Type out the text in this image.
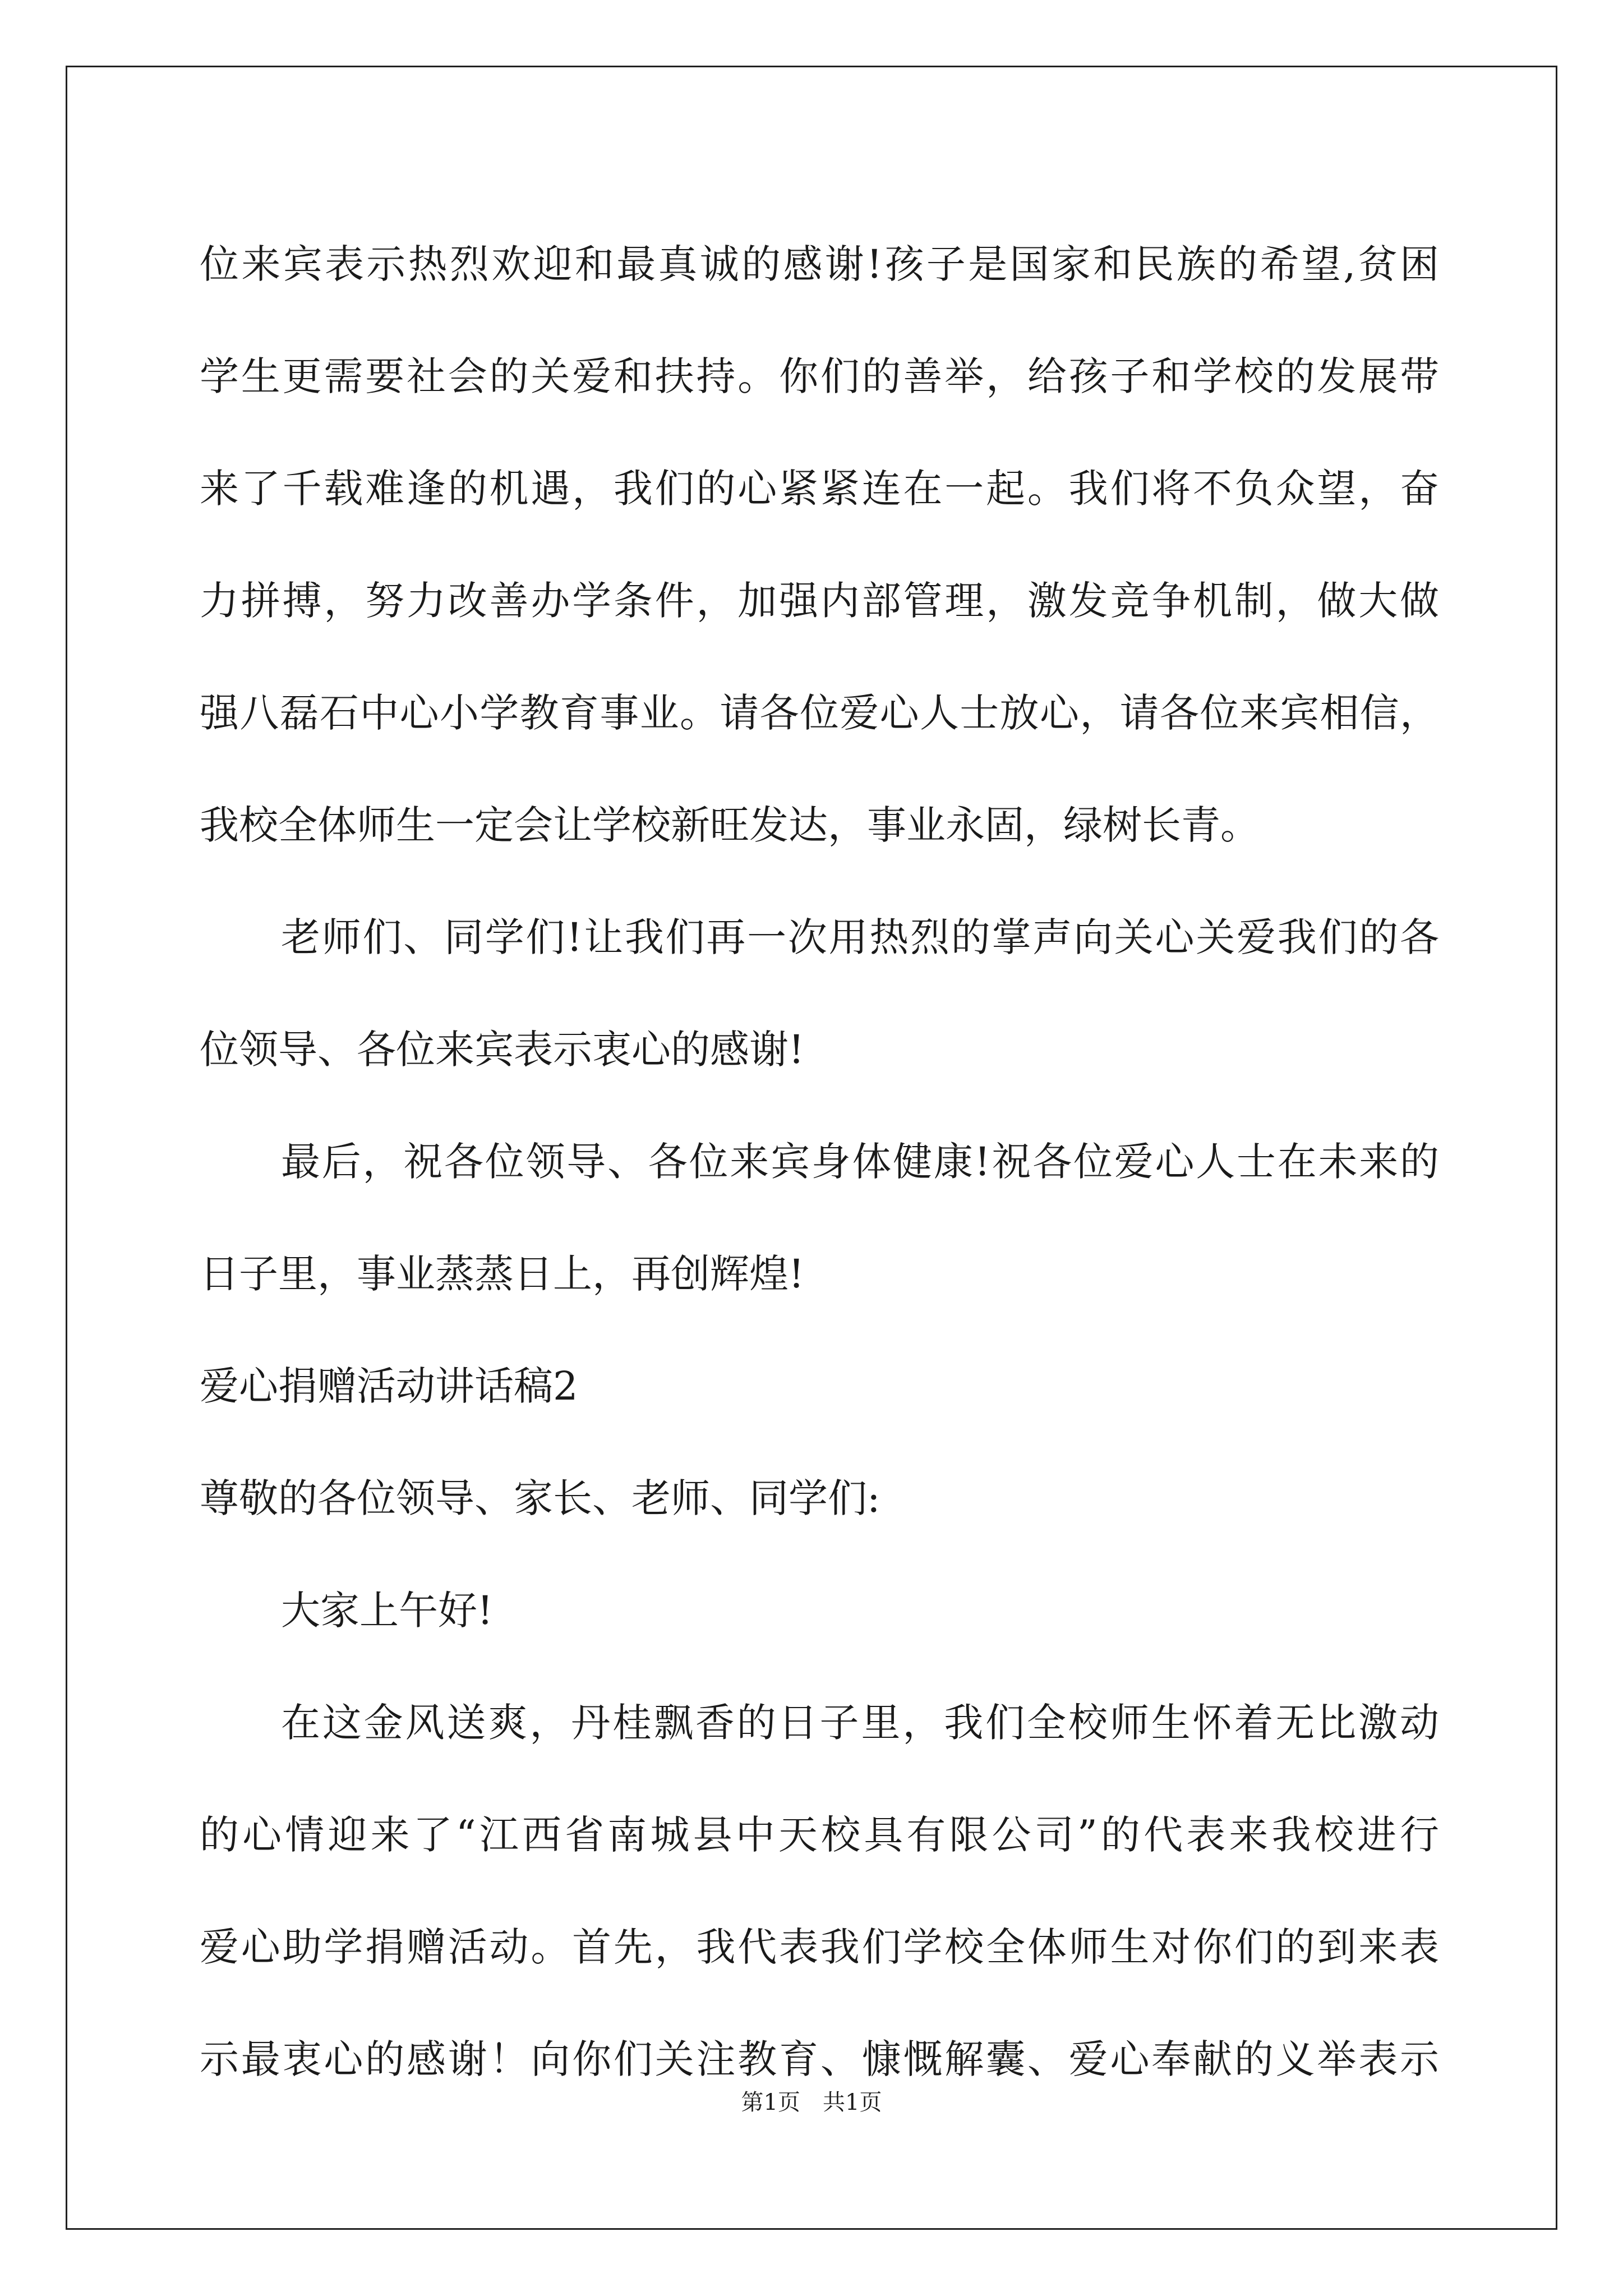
位来宾表示热烈欢迎和最真诚的感谢!孩子是国家和民族的希望,贫困
学生更需要社会的关爱和扶持。你们的善举，给孩子和学校的发展带
来了千载难逢的机遇，我们的心紧紧连在一起。我们将不负众望，奋
力拼搏，努力改善办学条件，加强内部管理，激发竞争机制，做大做
强八磊石中心小学教育事业。请各位爱心人士放心，请各位来宾相信，
我校全体师生一定会让学校新旺发达，事业永固，绿树长青。
老师们、同学们!让我们再一次用热烈的掌声向关心关爱我们的各
位领导、各位来宾表示衷心的感谢!
最后，祝各位领导、各位来宾身体健康!祝各位爱心人士在未来的
日子里，事业蒸蒸日上，再创辉煌!
爱心捐赠活动讲话稿2
尊敬的各位领导、家长、老师、同学们:
大家上午好!
在这金风送爽，丹桂飘香的日子里，我们全校师生怀着无比激动
的心情迎来了“江西省南城县中天校具有限公司”的代表来我校进行
爱心助学捐赠活动。首先，我代表我们学校全体师生对你们的到来表
示最衷心的感谢！向你们关注教育、慷慨解囊、爱心奉献的义举表示
第1页 共1页
